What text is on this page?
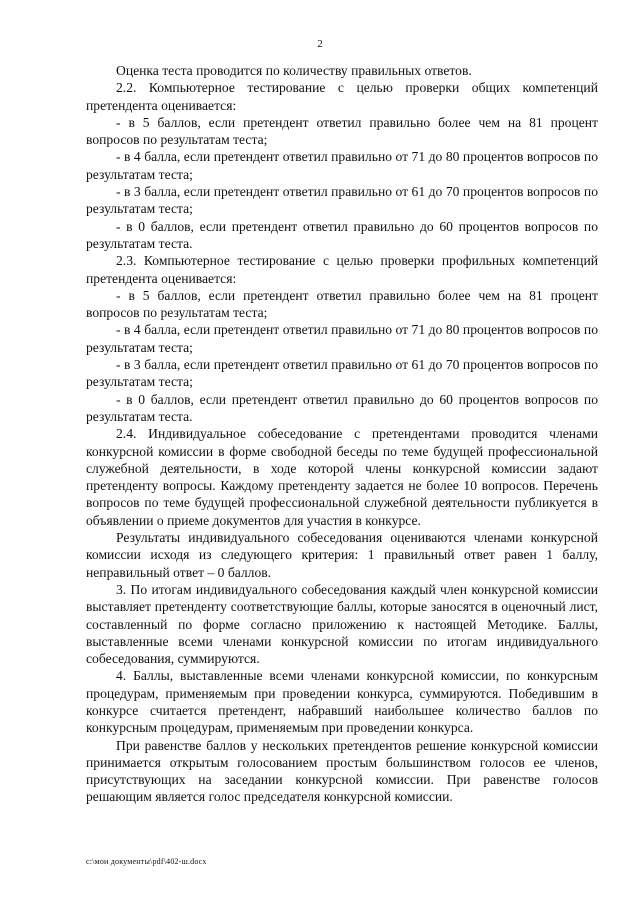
2

Оценка теста проводится по количеству правильных ответов.

2.2. Компьютерное тестирование с целью проверки общих компетенций претендента оценивается:

- в 5 баллов, если претендент ответил правильно более чем на 81 процент вопросов по результатам теста;

- в 4 балла, если претендент ответил правильно от 71 до 80 процентов вопросов по результатам теста;

- в 3 балла, если претендент ответил правильно от 61 до 70 процентов вопросов по результатам теста;

- в 0 баллов, если претендент ответил правильно до 60 процентов вопросов по результатам теста.

2.3. Компьютерное тестирование с целью проверки профильных компетенций претендента оценивается:

- в 5 баллов, если претендент ответил правильно более чем на 81 процент вопросов по результатам теста;

- в 4 балла, если претендент ответил правильно от 71 до 80 процентов вопросов по результатам теста;

- в 3 балла, если претендент ответил правильно от 61 до 70 процентов вопросов по результатам теста;

- в 0 баллов, если претендент ответил правильно до 60 процентов вопросов по результатам теста.

2.4. Индивидуальное собеседование с претендентами проводится членами конкурсной комиссии в форме свободной беседы по теме будущей профессиональной служебной деятельности, в ходе которой члены конкурсной комиссии задают претенденту вопросы. Каждому претенденту задается не более 10 вопросов. Перечень вопросов по теме будущей профессиональной служебной деятельности публикуется в объявлении о приеме документов для участия в конкурсе.

Результаты индивидуального собеседования оцениваются членами конкурсной комиссии исходя из следующего критерия: 1 правильный ответ равен 1 баллу, неправильный ответ – 0 баллов.

3. По итогам индивидуального собеседования каждый член конкурсной комиссии выставляет претенденту соответствующие баллы, которые заносятся в оценочный лист, составленный по форме согласно приложению к настоящей Методике. Баллы, выставленные всеми членами конкурсной комиссии по итогам индивидуального собеседования, суммируются.

4. Баллы, выставленные всеми членами конкурсной комиссии, по конкурсным процедурам, применяемым при проведении конкурса, суммируются. Победившим в конкурсе считается претендент, набравший наибольшее количество баллов по конкурсным процедурам, применяемым при проведении конкурса.

При равенстве баллов у нескольких претендентов решение конкурсной комиссии принимается открытым голосованием простым большинством голосов ее членов, присутствующих на заседании конкурсной комиссии. При равенстве голосов решающим является голос председателя конкурсной комиссии.

c:\мои документы\pdf\402-ш.docx
